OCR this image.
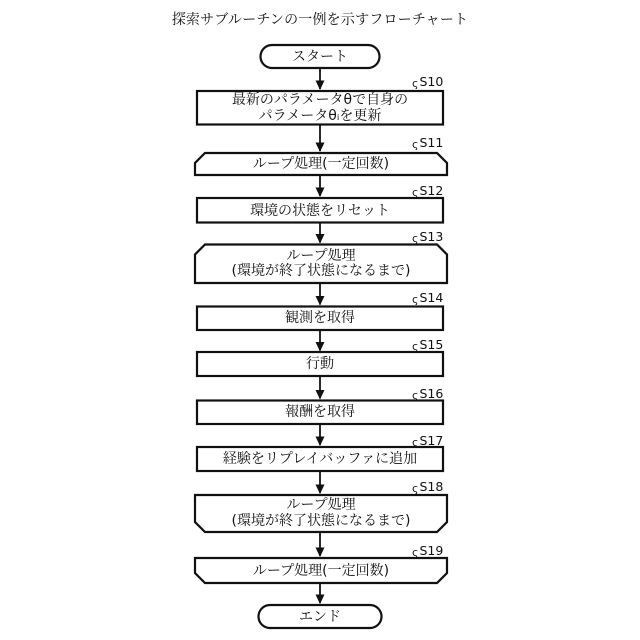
探索サブルーチンの一例を示すフローチャート
スタート
最新のパラメータθで自身の
パラメータθᵢを更新
ループ処理(一定回数)
環境の状態をリセット
ループ処理
(環境が終了状態になるまで)
観測を取得
行動
報酬を取得
経験をリプレイバッファに追加
ループ処理
(環境が終了状態になるまで)
ループ処理(一定回数)
エンド
ςS10
ςS11
ςS12
ςS13
ςS14
ςS15
ςS16
ςS17
ςS18
ςS19
